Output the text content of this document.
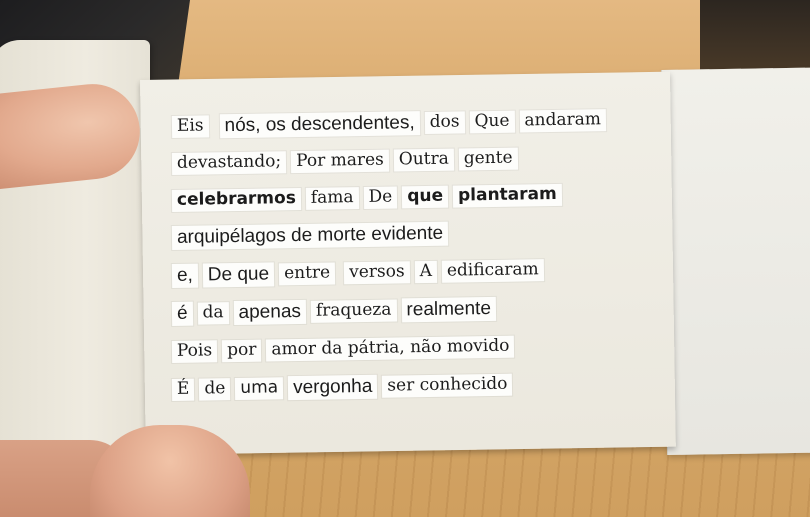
Eis nós, os descendentes, dos Que andaram
devastando; Por mares Outra gente
celebrarmos fama De que plantaram
arquipélagos de morte evidente
e, De que entre versos A edificaram
é da apenas fraqueza realmente
Pois por amor da pátria, não movido
É de uma vergonha ser conhecido
